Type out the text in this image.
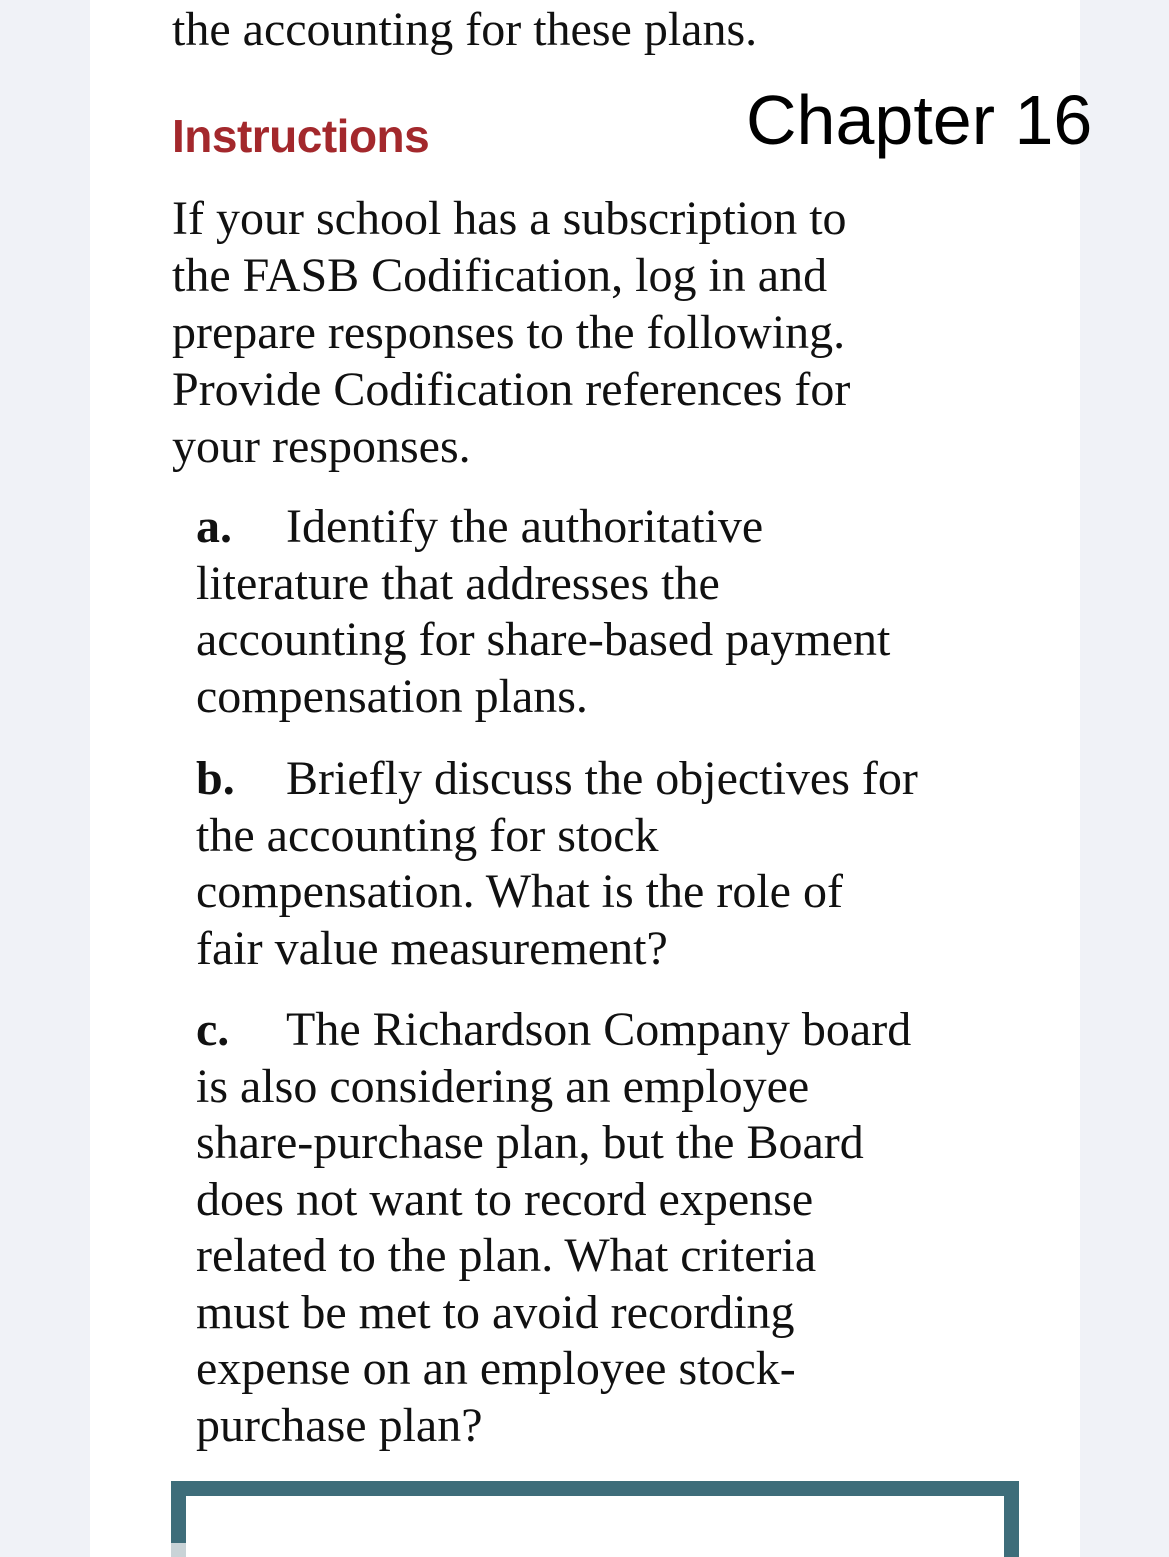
the accounting for these plans.
Instructions	Chapter 16

If your school has a subscription to
the FASB Codification, log in and
prepare responses to the following.
Provide Codification references for
your responses.

a. Identify the authoritative
literature that addresses the
accounting for share-based payment
compensation plans.

b. Briefly discuss the objectives for
the accounting for stock
compensation. What is the role of
fair value measurement?

c. The Richardson Company board
is also considering an employee
share-purchase plan, but the Board
does not want to record expense
related to the plan. What criteria
must be met to avoid recording
expense on an employee stock-
purchase plan?
